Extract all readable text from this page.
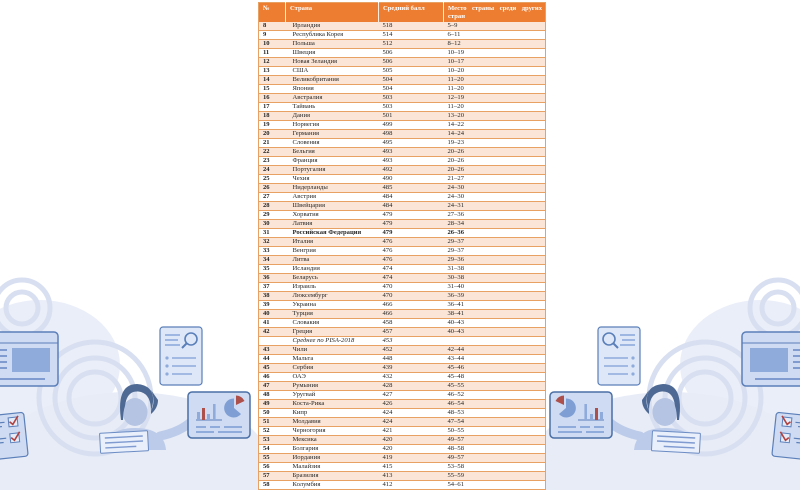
№	Страна	Средний балл	Место страны среди других стран
8	Ирландия	518	5–9
9	Республика Корея	514	6–11
10	Польша	512	8–12
11	Швеция	506	10–19
12	Новая Зеландия	506	10–17
13	США	505	10–20
14	Великобритания	504	11–20
15	Япония	504	11–20
16	Австралия	503	12–19
17	Тайвань	503	11–20
18	Дания	501	13–20
19	Норвегия	499	14–22
20	Германия	498	14–24
21	Словения	495	19–23
22	Бельгия	493	20–26
23	Франция	493	20–26
24	Португалия	492	20–26
25	Чехия	490	21–27
26	Нидерланды	485	24–30
27	Австрия	484	24–30
28	Швейцария	484	24–31
29	Хорватия	479	27–36
30	Латвия	479	28–34
31	Российская Федерация	479	26–36
32	Италия	476	29–37
33	Венгрия	476	29–37
34	Литва	476	29–36
35	Исландия	474	31–38
36	Беларусь	474	30–38
37	Израиль	470	31–40
38	Люксембург	470	36–39
39	Украина	466	36–41
40	Турция	466	38–41
41	Словакия	458	40–43
42	Греция	457	40–43
	Среднее по PISA-2018	453	
43	Чили	452	42–44
44	Мальта	448	43–44
45	Сербия	439	45–46
46	ОАЭ	432	45–48
47	Румыния	428	45–55
48	Уругвай	427	46–52
49	Коста-Рика	426	46–54
50	Кипр	424	48–53
51	Молдавия	424	47–54
52	Черногория	421	50–55
53	Мексика	420	49–57
54	Болгария	420	48–58
55	Иордания	419	49–57
56	Малайзия	415	53–58
57	Бразилия	413	55–59
58	Колумбия	412	54–61
